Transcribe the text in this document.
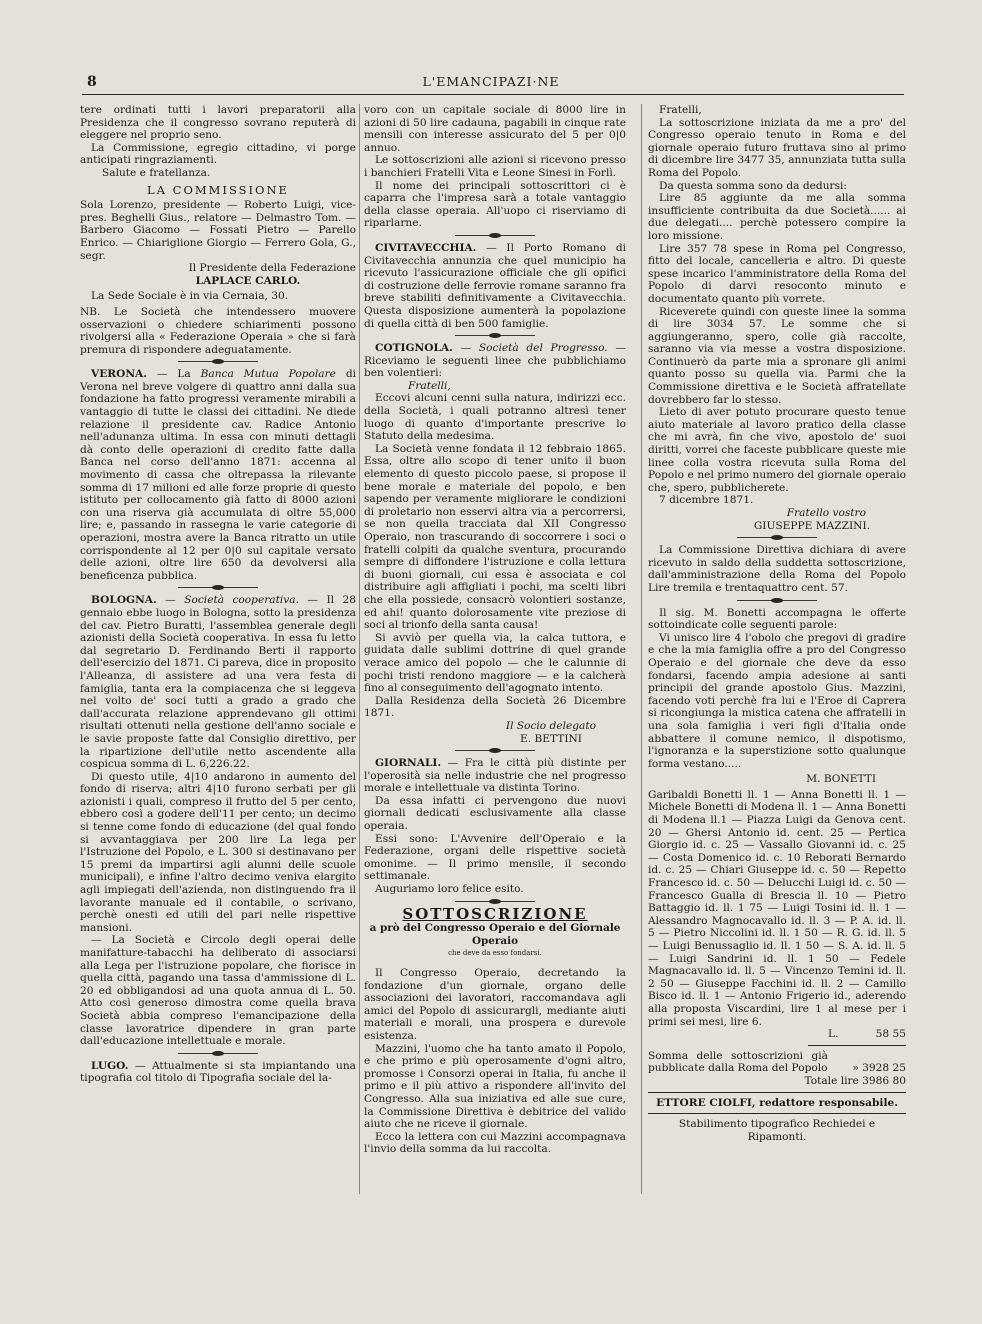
8	L'EMANCIPAZI·NE

tere ordinati tutti i lavori preparatorii alla Presidenza che il congresso sovrano reputerà di eleggere nel proprio seno.

La Commissione, egregio cittadino, vi porge anticipati ringraziamenti.

Salute e fratellanza.

LA COMMISSIONE

Sola Lorenzo, presidente — Roberto Luigi, vice-pres. Beghelli Gius., relatore — Delmastro Tom. — Barbero Giacomo — Fossati Pietro — Parello Enrico. — Chiariglione Giorgio — Ferrero Gola, G., segr.

Il Presidente della Federazione

LAPLACE CARLO.

La Sede Sociale è in via Cernaia, 30.

NB. Le Società che intendessero muovere osservazioni o chiedere schiarimenti possono rivolgersi alla « Federazione Operaia » che si farà premura di rispondere adeguatamente.

VERONA. — La Banca Mutua Popolare di Verona nel breve volgere di quattro anni dalla sua fondazione ha fatto progressi veramente mirabili a vantaggio di tutte le classi dei cittadini. Ne diede relazione il presidente cav. Radice Antonio nell'adunanza ultima. In essa con minuti dettagli dà conto delle operazioni di credito fatte dalla Banca nel corso dell'anno 1871: accenna al movimento di cassa che oltrepassa la rilevante somma di 17 milioni ed alle forze proprie di questo istituto per collocamento già fatto di 8000 azioni con una riserva già accumulata di oltre 55,000 lire; e, passando in rassegna le varie categorie di operazioni, mostra avere la Banca ritratto un utile corrispondente al 12 per 0|0 sul capitale versato delle azioni, oltre lire 650 da devolversi alla beneficenza pubblica.

BOLOGNA. — Società cooperativa. — Il 28 gennaio ebbe luogo in Bologna, sotto la presidenza del cav. Pietro Buratti, l'assemblea generale degli azionisti della Società cooperativa. In essa fu letto dal segretario D. Ferdinando Berti il rapporto dell'esercizio del 1871. Ci pareva, dice in proposito l'Alleanza, di assistere ad una vera festa di famiglia, tanta era la compiacenza che si leggeva nel volto de' soci tutti a grado a grado che dall'accurata relazione apprendevano gli ottimi risultati ottenuti nella gestione dell'anno sociale e le savie proposte fatte dal Consiglio direttivo, per la ripartizione dell'utile netto ascendente alla cospicua somma di L. 6,226.22.

Di questo utile, 4|10 andarono in aumento del fondo di riserva; altri 4|10 furono serbati per gli azionisti i quali, compreso il frutto del 5 per cento, ebbero così a godere dell'11 per cento; un decimo si tenne come fondo di educazione (del qual fondo si avvantaggiava per 200 lire La lega per l'Istruzione del Popolo, e L. 300 si destinavano per 15 premi da impartirsi agli alunni delle scuole municipali), e infine l'altro decimo veniva elargito agli impiegati dell'azienda, non distinguendo fra il lavorante manuale ed il contabile, o scrivano, perchè onesti ed utili del pari nelle rispettive mansioni.

— La Società e Circolo degli operai delle manifatture-tabacchi ha deliberato di associarsi alla Lega per l'istruzione popolare, che fiorisce in quella città, pagando una tassa d'ammissione di L. 20 ed obbligandosi ad una quota annua di L. 50. Atto così generoso dimostra come quella brava Società abbia compreso l'emancipazione della classe lavoratrice dipendere in gran parte dall'educazione intellettuale e morale.

LUGO. — Attualmente si sta impiantando una tipografia col titolo di Tipografia sociale del la-

voro con un capitale sociale di 8000 lire in azioni di 50 lire cadauna, pagabili in cinque rate mensili con interesse assicurato del 5 per 0|0 annuo.

Le sottoscrizioni alle azioni si ricevono presso i banchieri Fratelli Vita e Leone Sinesi in Forlì.

Il nome dei principali sottoscrittori ci è caparra che l'impresa sarà a totale vantaggio della classe operaia. All'uopo ci riserviamo di riparlarne.

CIVITAVECCHIA. — Il Porto Romano di Civitavecchia annunzia che quel municipio ha ricevuto l'assicurazione officiale che gli opifici di costruzione delle ferrovie romane saranno fra breve stabiliti definitivamente a Civitavecchia. Questa disposizione aumenterà la popolazione di quella città di ben 500 famiglie.

COTIGNOLA. — Società del Progresso. — Riceviamo le seguenti linee che pubblichiamo ben volentieri:

Fratelli,

Eccovi alcuni cenni sulla natura, indirizzi ecc. della Società, i quali potranno altresì tener luogo di quanto d'importante prescrive lo Statuto della medesima.

La Società venne fondata il 12 febbraio 1865. Essa, oltre allo scopo di tener unito il buon elemento di questo piccolo paese, si propose il bene morale e materiale del popolo, e ben sapendo per veramente migliorare le condizioni di proletario non esservi altra via a percorrersi, se non quella tracciata dal XII Congresso Operaio, non trascurando di soccorrere i soci o fratelli colpiti da qualche sventura, procurando sempre di diffondere l'istruzione e colla lettura di buoni giornali, cui essa è associata e col distribuire agli affigliati i pochi, ma scelti libri che ella possiede, consacrò volontieri sostanze, ed ahi! quanto dolorosamente vite preziose di soci al trionfo della santa causa!

Si avviò per quella via, la calca tuttora, e guidata dalle sublimi dottrine di quel grande verace amico del popolo — che le calunnie di pochi tristi rendono maggiore — e la calcherà fino al conseguimento dell'agognato intento.

Dalla Residenza della Società 26 Dicembre 1871.

Il Socio delegato

E. BETTINI

GIORNALI. — Fra le città più distinte per l'operosità sia nelle industrie che nel progresso morale e intellettuale va distinta Torino.

Da essa infatti ci pervengono due nuovi giornali dedicati esclusivamente alla classe operaia.

Essi sono: L'Avvenire dell'Operaio e la Federazione, organi delle rispettive società omonime. — Il primo mensile, il secondo settimanale.

Auguriamo loro felice esito.

SOTTOSCRIZIONE

a prò del Congresso Operaio e del Giornale Operaio

che deve da esso fondarsi.

Il Congresso Operaio, decretando la fondazione d'un giornale, organo delle associazioni dei lavoratori, raccomandava agli amici del Popolo di assicurargli, mediante aiuti materiali e morali, una prospera e durevole esistenza.

Mazzini, l'uomo che ha tanto amato il Popolo, e che primo e più operosamente d'ogni altro, promosse i Consorzi operai in Italia, fu anche il primo e il più attivo a rispondere all'invito del Congresso. Alla sua iniziativa ed alle sue cure, la Commissione Direttiva è debitrice del valido aiuto che ne riceve il giornale.

Ecco la lettera con cui Mazzini accompagnava l'invio della somma da lui raccolta.

Fratelli,

La sottoscrizione iniziata da me a pro' del Congresso operaio tenuto in Roma e del giornale operaio futuro fruttava sino al primo di dicembre lire 3477 35, annunziata tutta sulla Roma del Popolo.

Da questa somma sono da dedursi:

Lire 85 aggiunte da me alla somma insufficiente contribuita da due Società...... ai due delegati.... perchè potessero compire la loro missione.

Lire 357 78 spese in Roma pel Congresso, fitto del locale, cancelleria e altro. Di queste spese incarico l'amministratore della Roma del Popolo di darvi resoconto minuto e documentato quanto più vorrete.

Riceverete quindi con queste linee la somma di lire 3034 57. Le somme che si aggiungeranno, spero, colle già raccolte, saranno via via messe a vostra disposizione. Continuerò da parte mia a spronare gli animi quanto posso su quella via. Parmi che la Commissione direttiva e le Società affratellate dovrebbero far lo stesso.

Lieto di aver potuto procurare questo tenue aiuto materiale al lavoro pratico della classe che mi avrà, fin che vivo, apostolo de' suoi diritti, vorrei che faceste pubblicare queste mie linee colla vostra ricevuta sulla Roma del Popolo e nel primo numero del giornale operaio che, spero, pubblicherete.

7 dicembre 1871.

Fratello vostro

GIUSEPPE MAZZINI.

La Commissione Direttiva dichiara di avere ricevuto in saldo della suddetta sottoscrizione, dall'amministrazione della Roma del Popolo Lire tremila e trentaquattro cent. 57.

Il sig. M. Bonetti accompagna le offerte sottoindicate colle seguenti parole:

Vi unisco lire 4 l'obolo che pregovi di gradire e che la mia famiglia offre a pro del Congresso Operaio e del giornale che deve da esso fondarsi, facendo ampia adesione ai santi principii del grande apostolo Gius. Mazzini, facendo voti perchè fra lui e l'Eroe di Caprera si ricongiunga la mistica catena che affratelli in una sola famiglia i veri figli d'Italia onde abbattere il comune nemico, il dispotismo, l'ignoranza e la superstizione sotto qualunque forma vestano.....

M. BONETTI

Garibaldi Bonetti ll. 1 — Anna Bonetti ll. 1 — Michele Bonetti di Modena ll. 1 — Anna Bonetti di Modena ll.1 — Piazza Luigi da Genova cent. 20 — Ghersi Antonio id. cent. 25 — Pertica Giorgio id. c. 25 — Vassallo Giovanni id. c. 25 — Costa Domenico id. c. 10 Reborati Bernardo id. c. 25 — Chiari Giuseppe id. c. 50 — Repetto Francesco id. c. 50 — Delucchi Luigi id. c. 50 — Francesco Gualla di Brescia ll. 10 — Pietro Battaggio id. ll. 1 75 — Luigi Tosini id. ll. 1 — Alessandro Magnocavallo id. ll. 3 — P. A. id. ll. 5 — Pietro Niccolini id. ll. 1 50 — R. G. id. ll. 5 — Luigi Benussaglio id. ll. 1 50 — S. A. id. ll. 5 — Luigi Sandrini id. ll. 1 50 — Fedele Magnacavallo id. ll. 5 — Vincenzo Temini id. ll. 2 50 — Giuseppe Facchini id. ll. 2 — Camillo Bisco id. ll. 1 — Antonio Frigerio id., aderendo alla proposta Viscardini, lire 1 al mese per i primi sei mesi, lire 6.

L.	58 55
Somma delle sottoscrizioni già pubblicate dalla Roma del Popolo » 3928 25

Totale lire 3986 80

ETTORE CIOLFI, redattore responsabile.

Stabilimento tipografico Rechiedei e Ripamonti.
